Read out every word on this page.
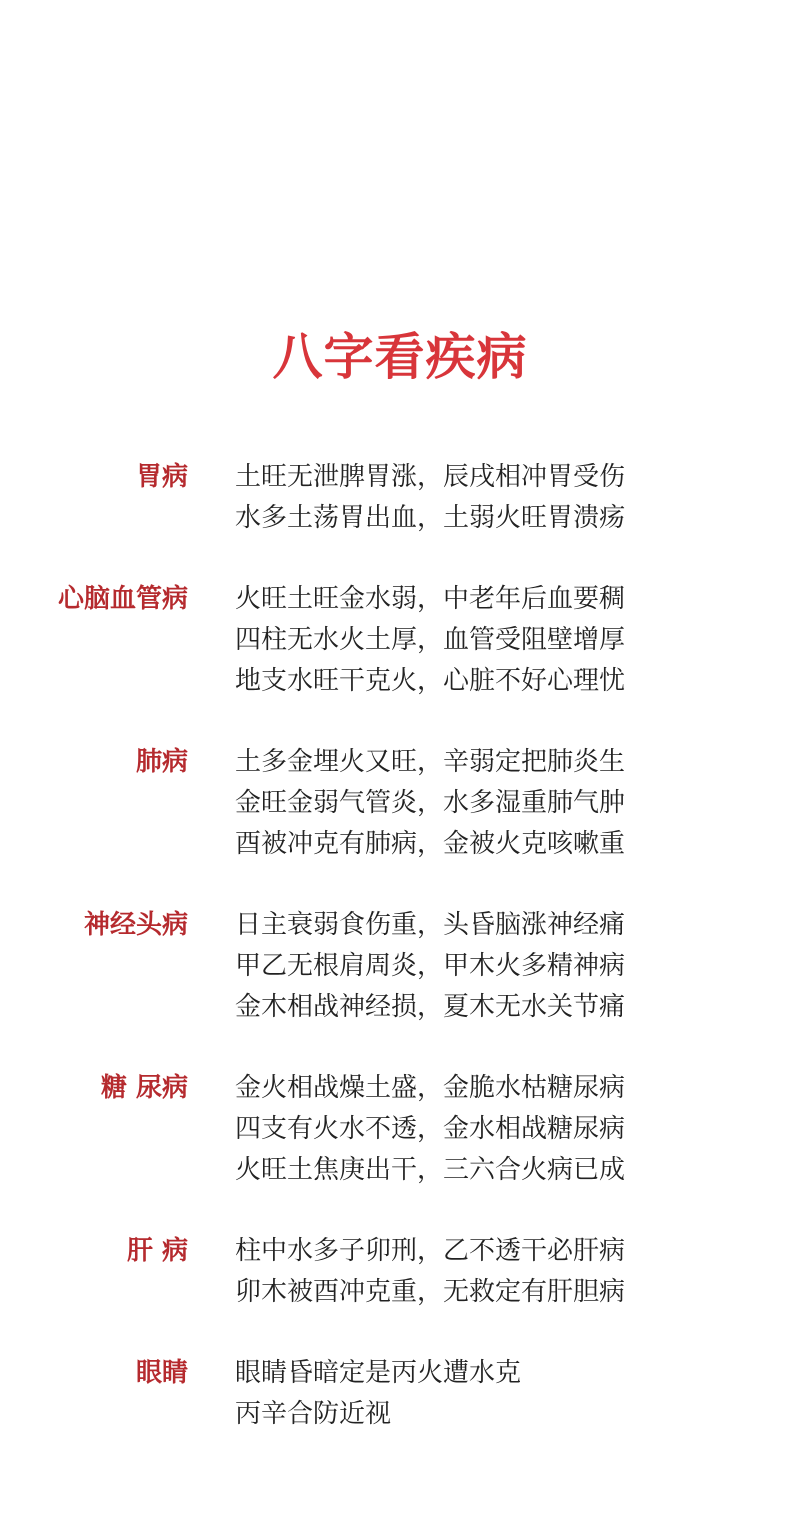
八字看疾病
胃病 土旺无泄脾胃涨，辰戌相冲胃受伤
水多土荡胃出血，土弱火旺胃溃疡
心脑血管病 火旺土旺金水弱，中老年后血要稠
四柱无水火土厚，血管受阻壁增厚
地支水旺干克火，心脏不好心理忧
肺病 土多金埋火又旺，辛弱定把肺炎生
金旺金弱气管炎，水多湿重肺气肿
酉被冲克有肺病，金被火克咳嗽重
神经头病 日主衰弱食伤重，头昏脑涨神经痛
甲乙无根肩周炎，甲木火多精神病
金木相战神经损，夏木无水关节痛
糖 尿病 金火相战燥土盛，金脆水枯糖尿病
四支有火水不透，金水相战糖尿病
火旺土焦庚出干，三六合火病已成
肝 病 柱中水多子卯刑，乙不透干必肝病
卯木被酉冲克重，无救定有肝胆病
眼睛 眼睛昏暗定是丙火遭水克
丙辛合防近视
